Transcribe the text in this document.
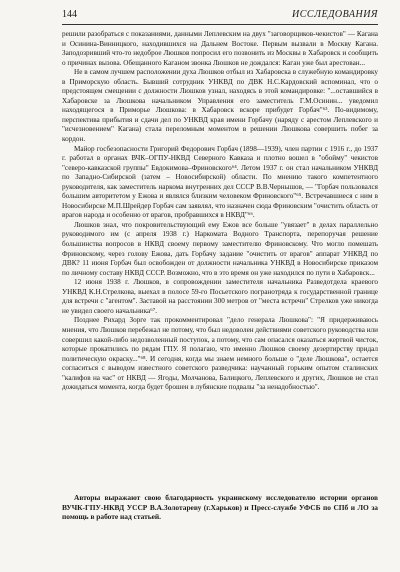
144	ИССЛЕДОВАНИЯ

решили разобраться с показаниями, данными Леплевским на двух "заговорщиков-чекистов" — Кагана и Осинина-Винницкого, находившихся на Дальнем Востоке. Первым вызвали в Москву Кагана. Заподозривший что-то недоброе Люшков попросил его позвонить из Москвы в Хабаровск и сообщить о причинах вызова. Обещанного Каганом звонка Люшков не дождался: Каган уже был арестован...

Не в самом лучшем расположении духа Люшков отбыл из Хабаровска в служебную командировку в Приморскую область. Бывший сотрудник УНКВД по ДВК Н.С.Кардовский вспоминал, что о предстоящем смещении с должности Люшков узнал, находясь в этой командировке: "...оставшийся в Хабаровске за Люшкова начальником Управления его заместитель Г.М.Осинин... уведомил находящегося в Приморье Люшкова: в Хабаровск вскоре прибудет Горбач"⁶³. По-видимому, перспектива прибытия и сдачи дел по УНКВД края имени Горбачу (наряду с арестом Леплевского и "исчезновением" Кагана) стала переломным моментом в решении Люшкова совершить побег за кордон.

Майор госбезопасности Григорий Федорович Горбач (1898—1939), член партии с 1916 г., до 1937 г. работал в органах ВЧК–ОГПУ-НКВД Северного Кавказа и плотно вошел в "обойму" чекистов "северо-кавказской группы" Евдокимова–Фриновского⁶⁴. Летом 1937 г. он стал начальником УНКВД по Западно-Сибирской (затем – Новосибирской) области. По мнению такого компетентного руководителя, как заместитель наркома внутренних дел СССР В.В.Чернышов, — "Горбач пользовался большим авторитетом у Ежова и являлся близким человеком Фриновского"⁶⁵. Встречавшиеся с ним в Новосибирске М.П.Шрейдер Горбач сам заявлял, что назначен сюда Фриновским "очистить область от врагов народа и особенно от врагов, пробравшихся в НКВД"⁶⁶.

Люшков знал, что покровительствующий ему Ежов все больше "увязает" в делах параллельно руководимого им (с апреля 1938 г.) Наркомата Водного Транспорта, перепоручая решение большинства вопросов в НКВД своему первому заместителю Фриновскому. Что могло помешать Фриновскому, через голову Ежова, дать Горбачу задание "очистить от врагов" аппарат УНКВД по ДВК? 11 июня Горбач был освобожден от должности начальника УНКВД в Новосибирске приказом по личному составу НКВД СССР. Возможно, что в это время он уже находился по пути в Хабаровск...

12 июня 1938 г. Люшков, в сопровождении заместителя начальника Разведотдела краевого УНКВД К.Н.Стрелкова, выехал в полосе 59-го Посьетского погранотряда к государственной границе для встречи с "агентом". Заставой на расстоянии 300 метров от "места встречи" Стрелков уже никогда не увидел своего начальника⁶⁷.

Позднее Рихард Зорге так прокомментировал "дело генерала Люшкова": "Я придерживаюсь мнения, что Люшков перебежал не потому, что был недоволен действиями советского руководства или совершил какой-либо недозволенный поступок, а потому, что сам опасался оказаться жертвой чисток, которые прокатились по рядам ГПУ. Я полагаю, что именно Люшков своему дезертирству придал политическую окраску..."⁶⁸. И сегодня, когда мы знаем немного больше о "деле Люшкова", остается согласиться с выводом известного советского разведчика: научанный горьким опытом сталинских "калифов на час" от НКВД — Ягоды, Молчанова, Балицкого, Леплевского и других, Люшков не стал дожидаться момента, когда будет брошен в лубянские подвалы "за ненадобностью".

Авторы выражают свою благодарность украинскому исследователю истории органов ВУЧК-ГПУ-НКВД УССР В.А.Золотареву (г.Харьков) и Пресс-службе УФСБ по СПб и ЛО за помощь в работе над статьей.
